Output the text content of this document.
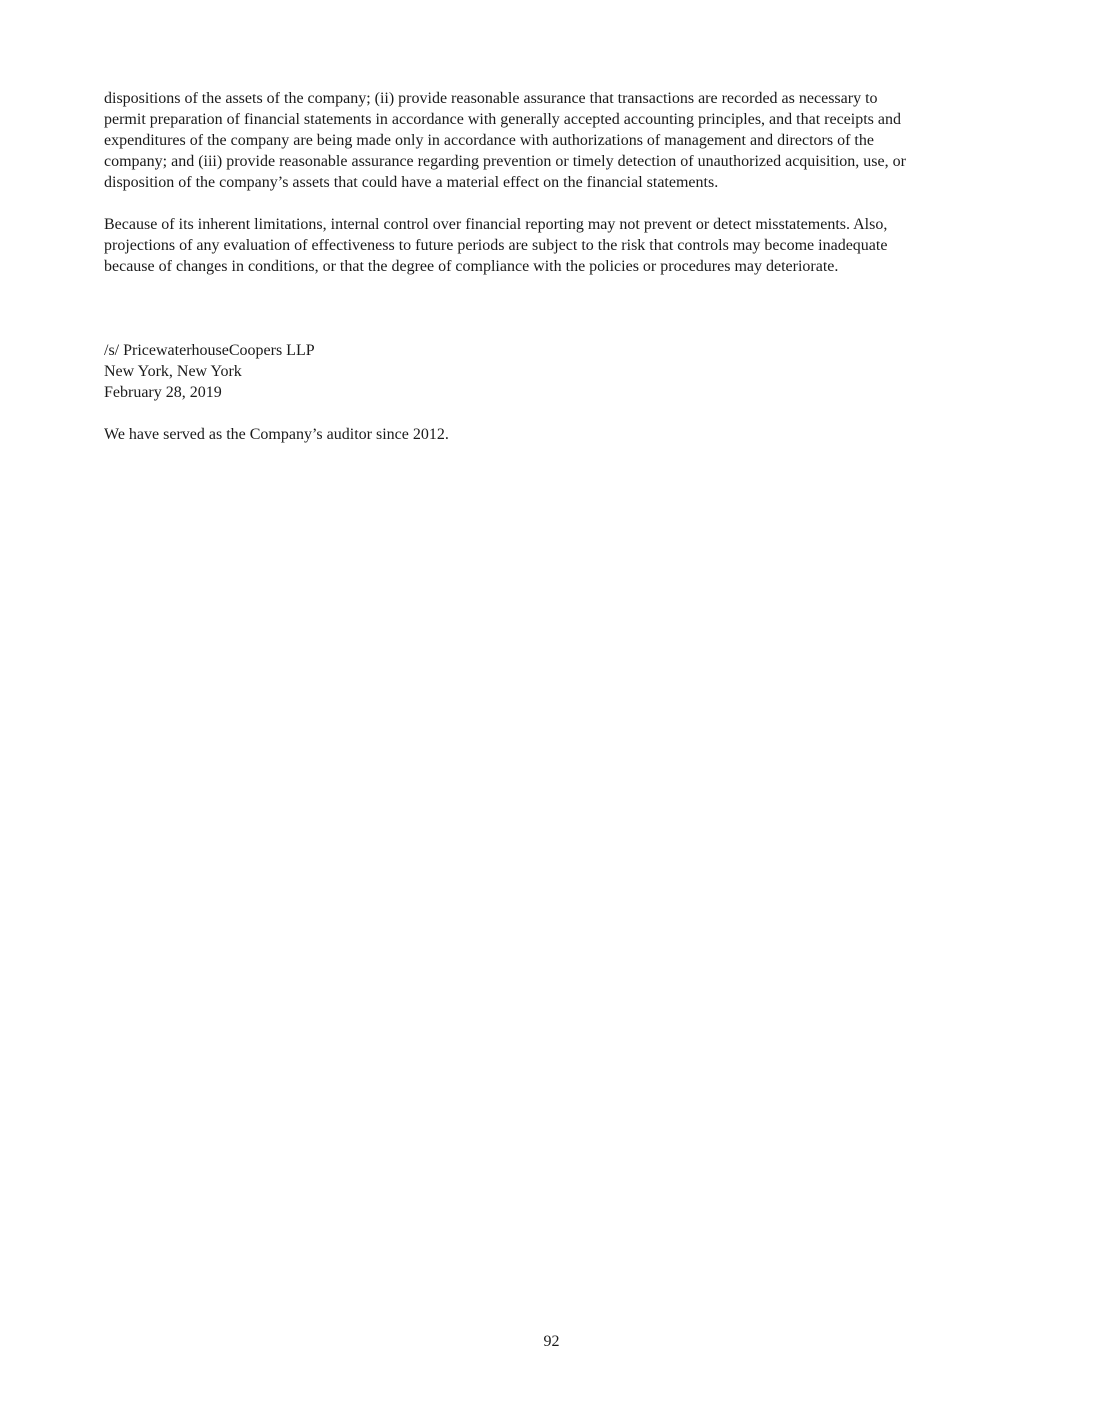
dispositions of the assets of the company; (ii) provide reasonable assurance that transactions are recorded as necessary to
permit preparation of financial statements in accordance with generally accepted accounting principles, and that receipts and
expenditures of the company are being made only in accordance with authorizations of management and directors of the
company; and (iii) provide reasonable assurance regarding prevention or timely detection of unauthorized acquisition, use, or
disposition of the company’s assets that could have a material effect on the financial statements.

Because of its inherent limitations, internal control over financial reporting may not prevent or detect misstatements. Also,
projections of any evaluation of effectiveness to future periods are subject to the risk that controls may become inadequate
because of changes in conditions, or that the degree of compliance with the policies or procedures may deteriorate.

/s/ PricewaterhouseCoopers LLP
New York, New York
February 28, 2019
We have served as the Company’s auditor since 2012.
92
